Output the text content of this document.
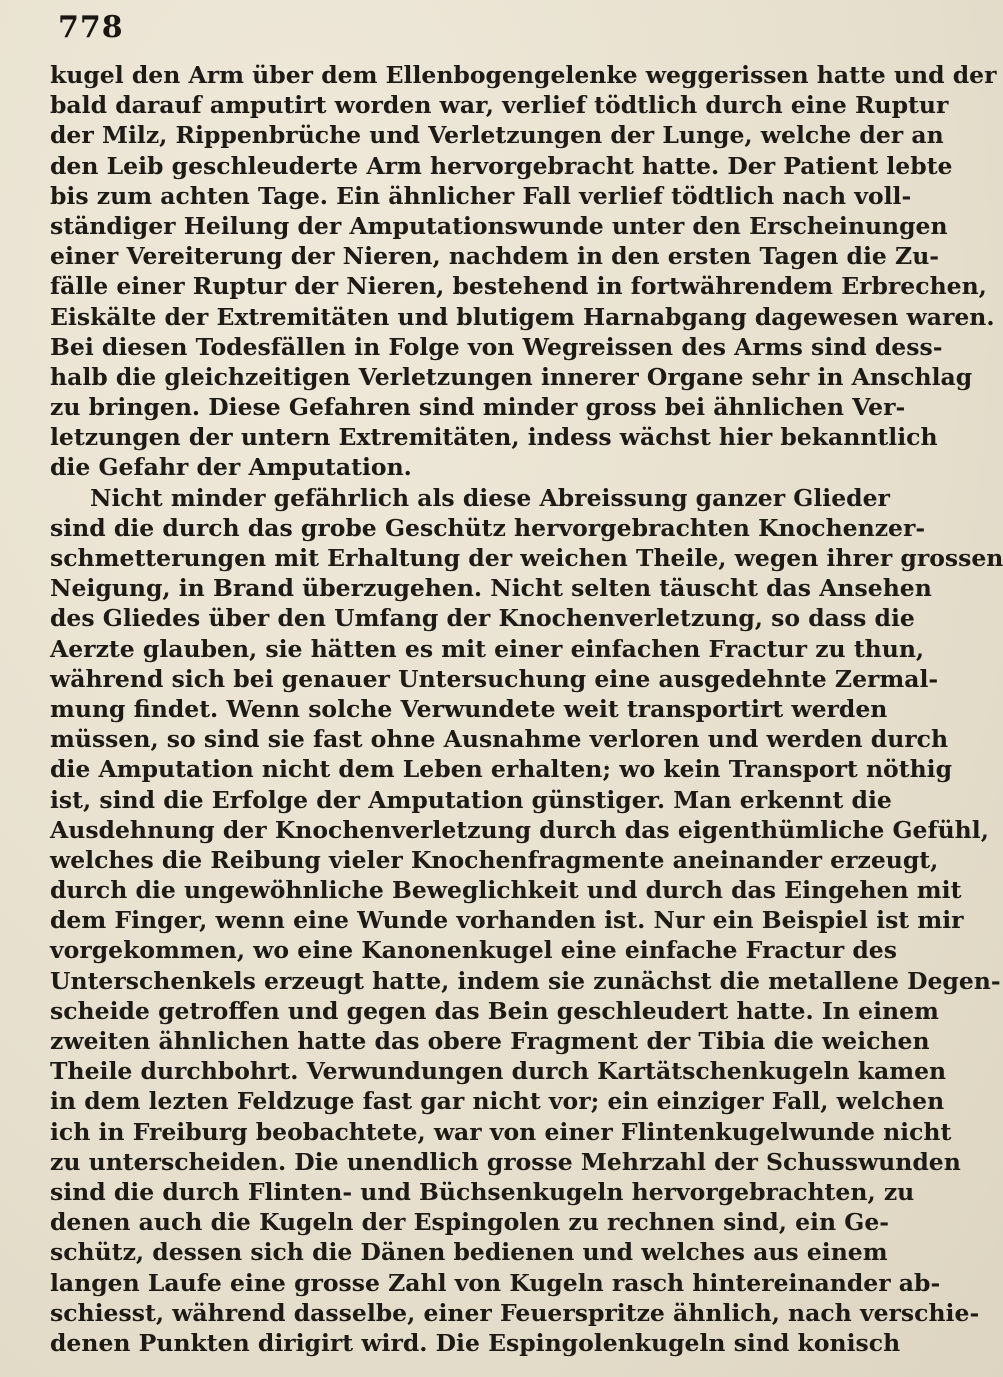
778
kugel den Arm über dem Ellenbogengelenke weggerissen hatte und der
bald darauf amputirt worden war, verlief tödtlich durch eine Ruptur
der Milz, Rippenbrüche und Verletzungen der Lunge, welche der an
den Leib geschleuderte Arm hervorgebracht hatte. Der Patient lebte
bis zum achten Tage. Ein ähnlicher Fall verlief tödtlich nach voll-
ständiger Heilung der Amputationswunde unter den Erscheinungen
einer Vereiterung der Nieren, nachdem in den ersten Tagen die Zu-
fälle einer Ruptur der Nieren, bestehend in fortwährendem Erbrechen,
Eiskälte der Extremitäten und blutigem Harnabgang dagewesen waren.
Bei diesen Todesfällen in Folge von Wegreissen des Arms sind dess-
halb die gleichzeitigen Verletzungen innerer Organe sehr in Anschlag
zu bringen. Diese Gefahren sind minder gross bei ähnlichen Ver-
letzungen der untern Extremitäten, indess wächst hier bekanntlich
die Gefahr der Amputation.
Nicht minder gefährlich als diese Abreissung ganzer Glieder
sind die durch das grobe Geschütz hervorgebrachten Knochenzer-
schmetterungen mit Erhaltung der weichen Theile, wegen ihrer grossen
Neigung, in Brand überzugehen. Nicht selten täuscht das Ansehen
des Gliedes über den Umfang der Knochenverletzung, so dass die
Aerzte glauben, sie hätten es mit einer einfachen Fractur zu thun,
während sich bei genauer Untersuchung eine ausgedehnte Zermal-
mung findet. Wenn solche Verwundete weit transportirt werden
müssen, so sind sie fast ohne Ausnahme verloren und werden durch
die Amputation nicht dem Leben erhalten; wo kein Transport nöthig
ist, sind die Erfolge der Amputation günstiger. Man erkennt die
Ausdehnung der Knochenverletzung durch das eigenthümliche Gefühl,
welches die Reibung vieler Knochenfragmente aneinander erzeugt,
durch die ungewöhnliche Beweglichkeit und durch das Eingehen mit
dem Finger, wenn eine Wunde vorhanden ist. Nur ein Beispiel ist mir
vorgekommen, wo eine Kanonenkugel eine einfache Fractur des
Unterschenkels erzeugt hatte, indem sie zunächst die metallene Degen-
scheide getroffen und gegen das Bein geschleudert hatte. In einem
zweiten ähnlichen hatte das obere Fragment der Tibia die weichen
Theile durchbohrt. Verwundungen durch Kartätschenkugeln kamen
in dem lezten Feldzuge fast gar nicht vor; ein einziger Fall, welchen
ich in Freiburg beobachtete, war von einer Flintenkugelwunde nicht
zu unterscheiden. Die unendlich grosse Mehrzahl der Schusswunden
sind die durch Flinten- und Büchsenkugeln hervorgebrachten, zu
denen auch die Kugeln der Espingolen zu rechnen sind, ein Ge-
schütz, dessen sich die Dänen bedienen und welches aus einem
langen Laufe eine grosse Zahl von Kugeln rasch hintereinander ab-
schiesst, während dasselbe, einer Feuerspritze ähnlich, nach verschie-
denen Punkten dirigirt wird. Die Espingolenkugeln sind konisch
